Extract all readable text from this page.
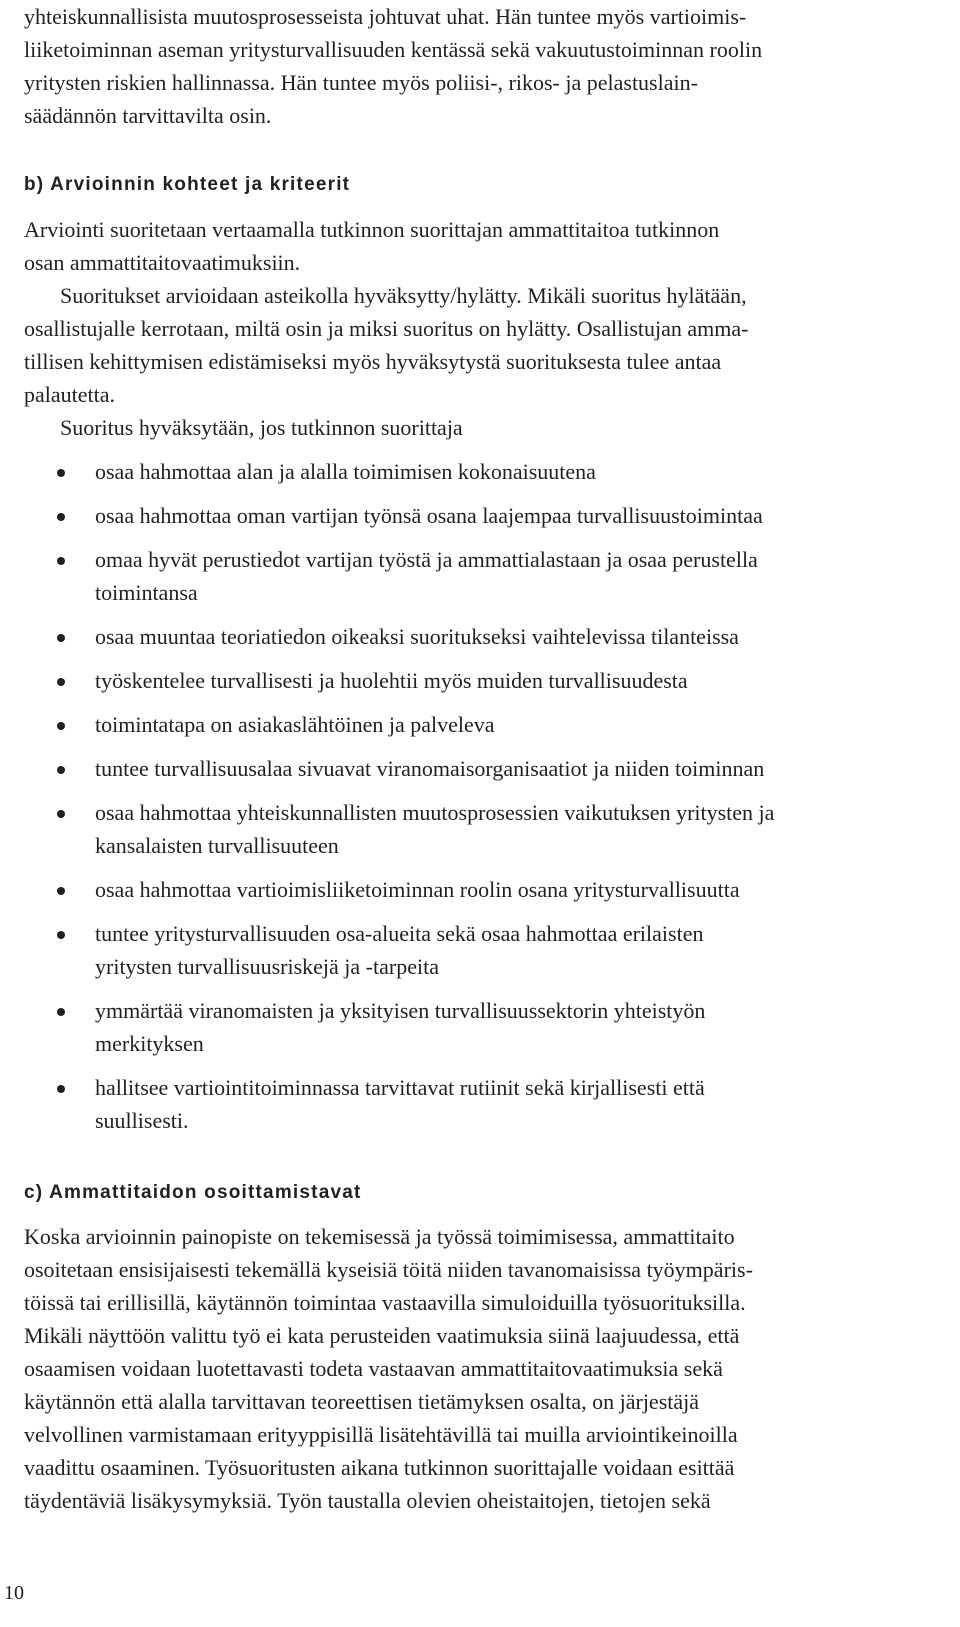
yhteiskunnallisista muutosprosesseista johtuvat uhat. Hän tuntee myös vartioimis-

liiketoiminnan aseman yritysturvallisuuden kentässä sekä vakuutustoiminnan roolin

yritysten riskien hallinnassa. Hän tuntee myös poliisi-, rikos- ja pelastuslain-

säädännön tarvittavilta osin.

b) Arvioinnin kohteet ja kriteerit

Arviointi suoritetaan vertaamalla tutkinnon suorittajan ammattitaitoa tutkinnon

osan ammattitaitovaatimuksiin.

Suoritukset arvioidaan asteikolla hyväksytty/hylätty. Mikäli suoritus hylätään,

osallistujalle kerrotaan, miltä osin ja miksi suoritus on hylätty. Osallistujan amma-

tillisen kehittymisen edistämiseksi myös hyväksytystä suorituksesta tulee antaa

palautetta.

Suoritus hyväksytään, jos tutkinnon suorittaja

osaa hahmottaa alan ja alalla toimimisen kokonaisuutena
osaa hahmottaa oman vartijan työnsä osana laajempaa turvallisuustoimintaa
omaa hyvät perustiedot vartijan työstä ja ammattialastaan ja osaa perustella
toimintansa
osaa muuntaa teoriatiedon oikeaksi suoritukseksi vaihtelevissa tilanteissa
työskentelee turvallisesti ja huolehtii myös muiden turvallisuudesta
toimintatapa on asiakaslähtöinen ja palveleva
tuntee turvallisuusalaa sivuavat viranomaisorganisaatiot ja niiden toiminnan
osaa hahmottaa yhteiskunnallisten muutosprosessien vaikutuksen yritysten ja
kansalaisten turvallisuuteen
osaa hahmottaa vartioimisliiketoiminnan roolin osana yritysturvallisuutta
tuntee yritysturvallisuuden osa-alueita sekä osaa hahmottaa erilaisten
yritysten turvallisuusriskejä ja -tarpeita
ymmärtää viranomaisten ja yksityisen turvallisuussektorin yhteistyön
merkityksen
hallitsee vartiointitoiminnassa tarvittavat rutiinit sekä kirjallisesti että
suullisesti.
c) Ammattitaidon osoittamistavat

Koska arvioinnin painopiste on tekemisessä ja työssä toimimisessa, ammattitaito

osoitetaan ensisijaisesti tekemällä kyseisiä töitä niiden tavanomaisissa työympäris-

töissä tai erillisillä, käytännön toimintaa vastaavilla simuloiduilla työsuorituksilla.

Mikäli näyttöön valittu työ ei kata perusteiden vaatimuksia siinä laajuudessa, että

osaamisen voidaan luotettavasti todeta vastaavan ammattitaitovaatimuksia sekä

käytännön että alalla tarvittavan teoreettisen tietämyksen osalta, on järjestäjä

velvollinen varmistamaan erityyppisillä lisätehtävillä tai muilla arviointikeinoilla

vaadittu osaaminen. Työsuoritusten aikana tutkinnon suorittajalle voidaan esittää

täydentäviä lisäkysymyksiä. Työn taustalla olevien oheistaitojen, tietojen sekä

10
